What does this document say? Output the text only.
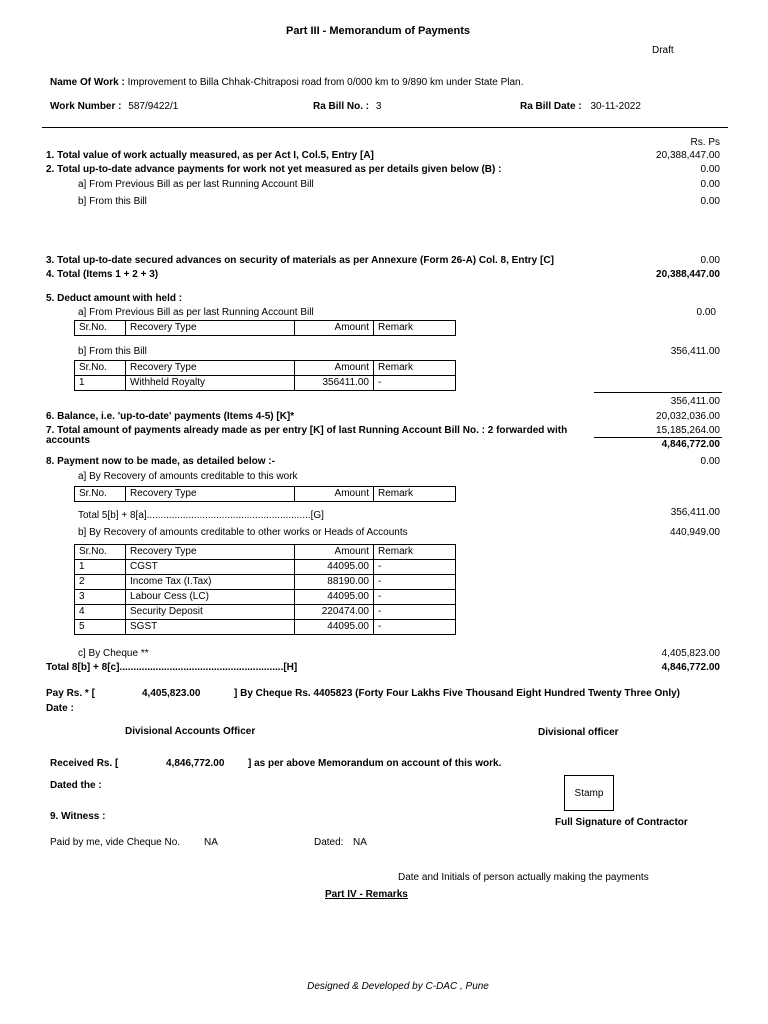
Part III - Memorandum of Payments
Draft
Name Of Work : Improvement to Billa Chhak-Chitraposi road from 0/000 km to 9/890 km under State Plan.
Work Number : 587/9422/1	Ra Bill No. : 3	Ra Bill Date : 30-11-2022
Rs. Ps
1. Total value of work actually measured, as per Act I, Col.5, Entry [A]	20,388,447.00
2. Total up-to-date advance payments for work not yet measured as per details given below (B) :	0.00
a] From Previous Bill as per last Running Account Bill	0.00
b] From this Bill	0.00
3. Total up-to-date secured advances on security of materials as per Annexure (Form 26-A) Col. 8, Entry [C]	0.00
4. Total (Items 1 + 2 + 3)	20,388,447.00
5. Deduct amount with held :
a] From Previous Bill as per last Running Account Bill	0.00
Sr.No.	Recovery Type	Amount	Remark
b] From this Bill	356,411.00
Sr.No.	Recovery Type	Amount	Remark
1	Withheld Royalty	356411.00	-
356,411.00
6. Balance, i.e. 'up-to-date' payments (Items 4-5) [K]*	20,032,036.00
7. Total amount of payments already made as per entry [K] of last Running Account Bill No. : 2 forwarded with
accounts
15,185,264.00
4,846,772.00
8. Payment now to be made, as detailed below :-	0.00
a] By Recovery of amounts creditable to this work
Sr.No.	Recovery Type	Amount	Remark
Total 5[b] + 8[a]...........................................................[G]	356,411.00
b] By Recovery of amounts creditable to other works or Heads of Accounts	440,949.00
Sr.No.	Recovery Type	Amount	Remark
1	CGST	44095.00	-
2	Income Tax (I.Tax)	88190.00	-
3	Labour Cess (LC)	44095.00	-
4	Security Deposit	220474.00	-
5	SGST	44095.00	-
c] By Cheque **	4,405,823.00
Total 8[b] + 8[c]...........................................................[H]	4,846,772.00
Pay Rs. * [	4,405,823.00	] By Cheque Rs. 4405823 (Forty Four Lakhs Five Thousand Eight Hundred Twenty Three Only)
Date :
Divisional Accounts Officer	Divisional officer
Received Rs. [	4,846,772.00 ] as per above Memorandum on account of this work.
Dated the :
Stamp
9. Witness :
Full Signature of Contractor
Paid by me, vide Cheque No. NA	Dated: NA
Date and Initials of person actually making the payments
Part IV - Remarks
Designed & Developed by C-DAC , Pune
